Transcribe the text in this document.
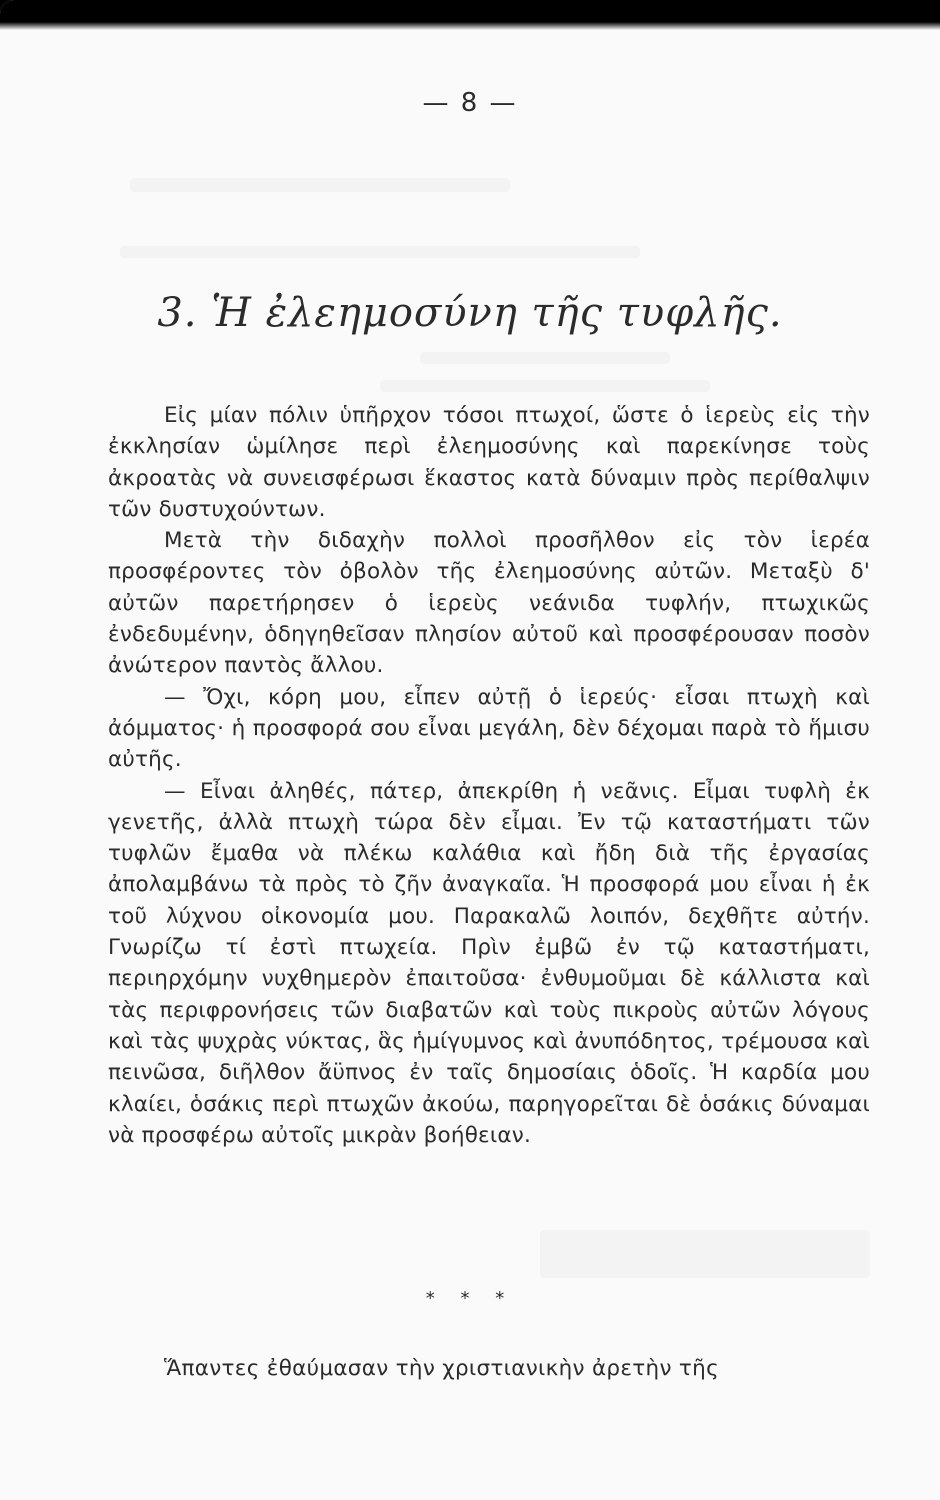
— 8 —
3. Ἡ ἐλεημοσύνη τῆς τυφλῆς.

Εἰς μίαν πόλιν ὑπῆρχον τόσοι πτωχοί, ὥστε ὁ ἱερεὺς εἰς τὴν ἐκκλησίαν ὡμίλησε περὶ ἐλεημοσύνης καὶ παρεκίνησε τοὺς ἀκροατὰς νὰ συνεισφέρωσι ἕκαστος κατὰ δύναμιν πρὸς περίθαλψιν τῶν δυστυχούντων.

Μετὰ τὴν διδαχὴν πολλοὶ προσῆλθον εἰς τὸν ἱερέα προσφέροντες τὸν ὀβολὸν τῆς ἐλεημοσύνης αὐτῶν. Μεταξὺ δ' αὐτῶν παρετήρησεν ὁ ἱερεὺς νεάνιδα τυφλήν, πτωχικῶς ἐνδεδυμένην, ὁδηγηθεῖσαν πλησίον αὐτοῦ καὶ προσφέρουσαν ποσὸν ἀνώτερον παντὸς ἄλλου.

— Ὄχι, κόρη μου, εἶπεν αὐτῇ ὁ ἱερεύς· εἶσαι πτωχὴ καὶ ἀόμματος· ἡ προσφορά σου εἶναι μεγάλη, δὲν δέχομαι παρὰ τὸ ἥμισυ αὐτῆς.

— Εἶναι ἀληθές, πάτερ, ἀπεκρίθη ἡ νεᾶνις. Εἶμαι τυφλὴ ἐκ γενετῆς, ἀλλὰ πτωχὴ τώρα δὲν εἶμαι. Ἐν τῷ καταστήματι τῶν τυφλῶν ἔμαθα νὰ πλέκω καλάθια καὶ ἤδη διὰ τῆς ἐργασίας ἀπολαμβάνω τὰ πρὸς τὸ ζῆν ἀναγκαῖα. Ἡ προσφορά μου εἶναι ἡ ἐκ τοῦ λύχνου οἰκονομία μου. Παρακαλῶ λοιπόν, δεχθῆτε αὐτήν. Γνωρίζω τί ἐστὶ πτωχεία. Πρὶν ἐμβῶ ἐν τῷ καταστήματι, περιηρχόμην νυχθημερὸν ἐπαιτοῦσα· ἐνθυμοῦμαι δὲ κάλλιστα καὶ τὰς περιφρονήσεις τῶν διαβατῶν καὶ τοὺς πικροὺς αὐτῶν λόγους καὶ τὰς ψυχρὰς νύκτας, ἃς ἡμίγυμνος καὶ ἀνυπόδητος, τρέμουσα καὶ πεινῶσα, διῆλθον ἄϋπνος ἐν ταῖς δημοσίαις ὁδοῖς. Ἡ καρδία μου κλαίει, ὁσάκις περὶ πτωχῶν ἀκούω, παρηγορεῖται δὲ ὁσάκις δύναμαι νὰ προσφέρω αὐτοῖς μικρὰν βοήθειαν.

* * *
Ἅπαντες ἐθαύμασαν τὴν χριστιανικὴν ἀρετὴν τῆς
